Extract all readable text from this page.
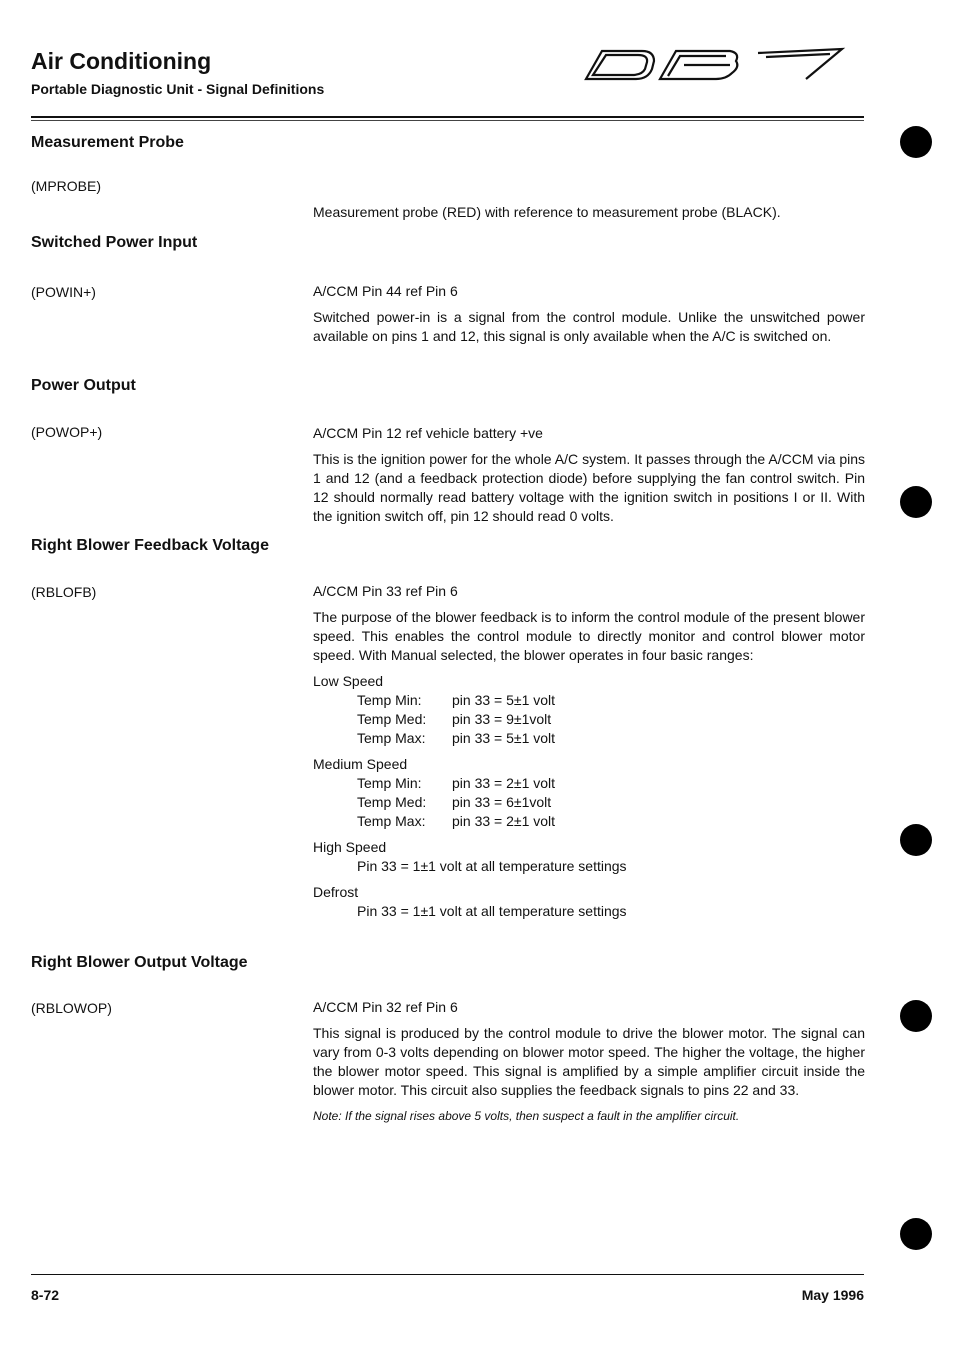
Air Conditioning
Portable Diagnostic Unit - Signal Definitions
Measurement Probe
(MPROBE)

Measurement probe (RED) with reference to measurement probe (BLACK).

Switched Power Input
(POWIN+)	A/CCM Pin 44 ref Pin 6

Switched power-in is a signal from the control module. Unlike the unswitched power available on pins 1 and 12, this signal is only available when the A/C is switched on.

Power Output
(POWOP+)	A/CCM Pin 12 ref vehicle battery +ve

This is the ignition power for the whole A/C system. It passes through the A/CCM via pins 1 and 12 (and a feedback protection diode) before supplying the fan control switch. Pin 12 should normally read battery voltage with the ignition switch in positions I or II. With the ignition switch off, pin 12 should read 0 volts.

Right Blower Feedback Voltage
(RBLOFB)	A/CCM Pin 33 ref Pin 6

The purpose of the blower feedback is to inform the control module of the present blower speed. This enables the control module to directly monitor and control blower motor speed. With Manual selected, the blower operates in four basic ranges:

Low Speed
Temp Min:	pin 33 = 5±1 volt
Temp Med:	pin 33 = 9±1volt
Temp Max:	pin 33 = 5±1 volt
Medium Speed
Temp Min:	pin 33 = 2±1 volt
Temp Med:	pin 33 = 6±1volt
Temp Max:	pin 33 = 2±1 volt
High Speed
Pin 33 = 1±1 volt at all temperature settings
Defrost
Pin 33 = 1±1 volt at all temperature settings
Right Blower Output Voltage
(RBLOWOP)	A/CCM Pin 32 ref Pin 6

This signal is produced by the control module to drive the blower motor. The signal can vary from 0-3 volts depending on blower motor speed. The higher the voltage, the higher the blower motor speed. This signal is amplified by a simple amplifier circuit inside the blower motor. This circuit also supplies the feedback signals to pins 22 and 33.

Note: If the signal rises above 5 volts, then suspect a fault in the amplifier circuit.

8-72	May 1996
